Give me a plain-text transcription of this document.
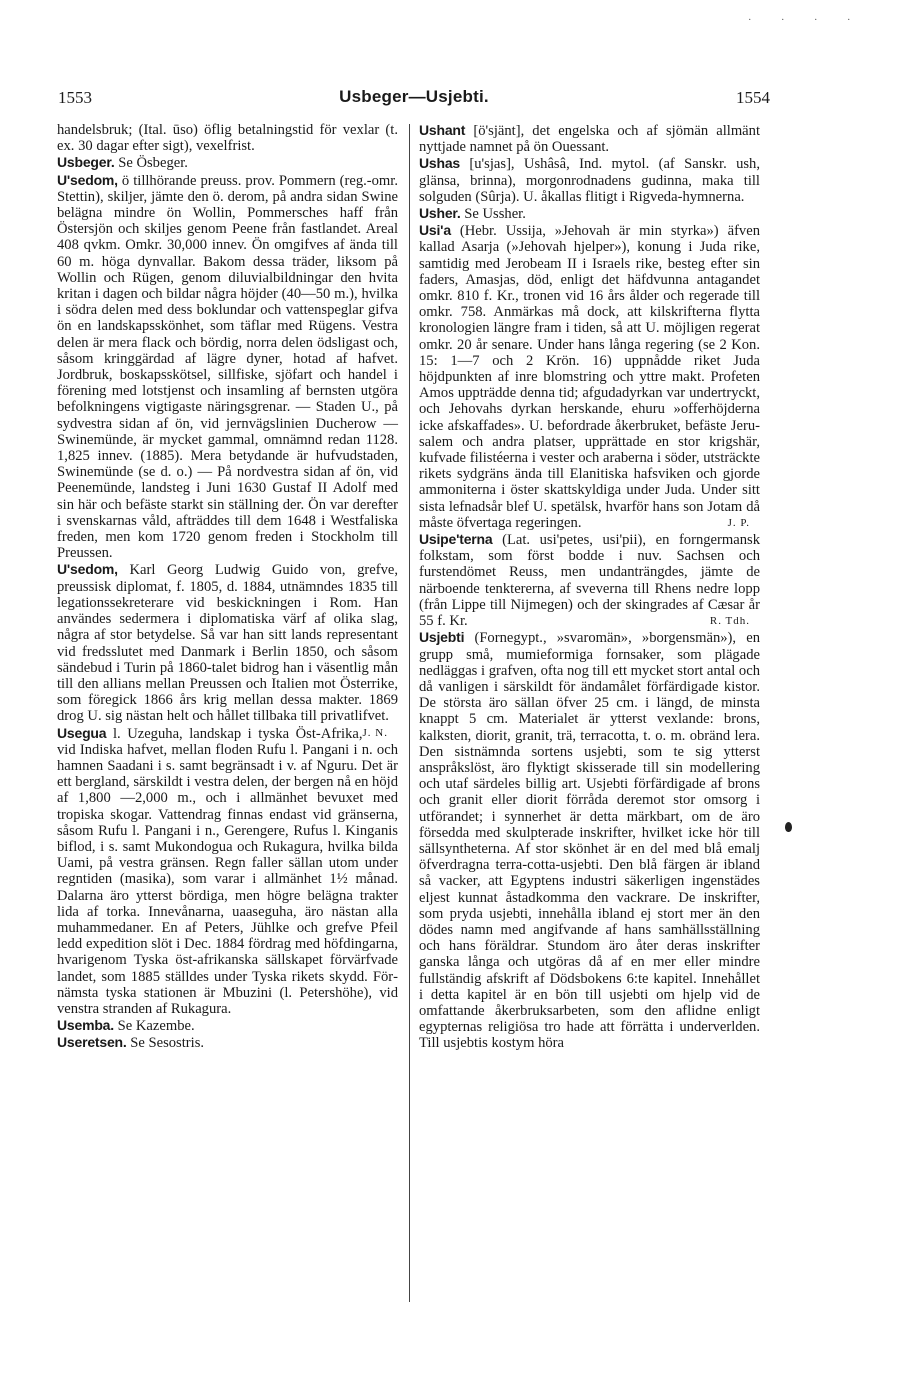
. . . .
1553	Usbeger—Usjebti.	1554

handelsbruk; (Ital. ūso) öflig betalningstid för vexlar (t. ex. 30 dagar efter sigt), vexelfrist.

Usbeger. Se Ösbeger.

U'sedom, ö tillhörande preuss. prov. Pommern (reg.-omr. Stettin), skiljer, jämte den ö. derom, på andra sidan Swine belägna mindre ön Wollin, Pommersches haff från Östersjön och skiljes genom Peene från fastlandet. Areal 408 qvkm. Omkr. 30,000 innev. Ön omgifves af ända till 60 m. höga dynvallar. Bakom dessa träder, liksom på Wollin och Rügen, genom diluvialbildningar den hvita kritan i dagen och bildar några höjder (40—50 m.), hvilka i södra delen med dess boklundar och vattenspeglar gifva ön en landskapsskönhet, som täflar med Rügens. Vestra delen är mera flack och bördig, norra delen ödsligast och, såsom kringgärdad af lägre dyner, hotad af hafvet. Jordbruk, boskapsskötsel, sillfiske, sjöfart och handel i förening med lotstjenst och insamling af bernsten utgöra befolkningens vigtigaste näringsgrenar. — Staden U., på sydvestra sidan af ön, vid jernvägslinien Ducherow —Swinemünde, är mycket gammal, omnämnd redan 1128. 1,825 innev. (1885). Mera betydande är hufvudstaden, Swinemünde (se d. o.) — På nordvestra sidan af ön, vid Peenemünde, landsteg i Juni 1630 Gustaf II Adolf med sin här och befäste starkt sin ställning der. Ön var derefter i svenskarnas våld, afträddes till dem 1648 i Westfaliska freden, men kom 1720 genom freden i Stockholm till Preussen.

U'sedom, Karl Georg Ludwig Guido von, grefve, preussisk diplomat, f. 1805, d. 1884, utnämndes 1835 till legationssekreterare vid beskickningen i Rom. Han användes sedermera i diplomatiska värf af olika slag, några af stor betydelse. Så var han sitt lands representant vid fredsslutet med Danmark i Berlin 1850, och såsom sändebud i Turin på 1860-talet bidrog han i väsentlig mån till den allians mellan Preussen och Italien mot Österrike, som föregick 1866 års krig mellan dessa makter. 1869 drog U. sig nästan helt och hållet tillbaka till privatlifvet.
J. N.

Usegua l. Uzeguha, landskap i tyska Öst-Afrika, vid Indiska hafvet, mellan floden Rufu l. Pangani i n. och hamnen Saadani i s. samt begränsadt i v. af Nguru. Det är ett bergland, särskildt i vestra delen, der bergen nå en höjd af 1,800 —2,000 m., och i allmänhet bevuxet med tropiska skogar. Vattendrag finnas endast vid gränserna, såsom Rufu l. Pangani i n., Gerengere, Rufus l. Kinganis biflod, i s. samt Mukondogua och Rukagura, hvilka bilda Uami, på vestra gränsen. Regn faller sällan utom under regntiden (masika), som varar i allmänhet 1½ månad. Dalarna äro ytterst bördiga, men högre belägna trakter lida af torka. Innevånarna, uaaseguha, äro nästan alla muhammedaner. En af Peters, Jühlke och grefve Pfeil ledd expedition slöt i Dec. 1884 fördrag med höfdingarna, hvarigenom Tyska öst-afrikanska sällskapet förvärfvade landet, som 1885 ställdes under Tyska rikets skydd. Förnämsta tyska stationen är Mbuzini (l. Petershöhe), vid venstra stranden af Rukagura.

Usemba. Se Kazembe.

Useretsen. Se Sesostris.

Ushant [ö'sjänt], det engelska och af sjömän allmänt nyttjade namnet på ön Ouessant.

Ushas [u'sjas], Ushâsâ, Ind. mytol. (af Sanskr. ush, glänsa, brinna), morgonrodnadens gudinna, maka till solguden (Sûrja). U. åkallas flitigt i Rigveda-hymnerna.

Usher. Se Ussher.

Usi'a (Hebr. Ussija, »Jehovah är min styrka») äfven kallad Asarja (»Jehovah hjelper»), konung i Juda rike, samtidig med Jerobeam II i Israels rike, besteg efter sin faders, Amasjas, död, enligt det häfdvunna antagandet omkr. 810 f. Kr., tronen vid 16 års ålder och regerade till omkr. 758. Anmärkas må dock, att kilskrifterna flytta kronologien längre fram i tiden, så att U. möjligen regerat omkr. 20 år senare. Under hans långa regering (se 2 Kon. 15: 1—7 och 2 Krön. 16) uppnådde riket Juda höjdpunkten af inre blomstring och yttre makt. Profeten Amos uppträdde denna tid; afgudadyrkan var undertryckt, och Jehovahs dyrkan herskande, ehuru »offerhöjderna icke afskaffades». U. befordrade åkerbruket, befäste Jerusalem och andra platser, upprättade en stor krigshär, kufvade filistéerna i vester och araberna i söder, utsträckte rikets sydgräns ända till Elanitiska hafsviken och gjorde ammoniterna i öster skattskyldiga under Juda. Under sitt sista lefnadsår blef U. spetälsk, hvarför hans son Jotam då måste öfvertaga regeringen.	J. P.

Usipe'terna (Lat. usi'petes, usi'pii), en forngermansk folkstam, som först bodde i nuv. Sachsen och furstendömet Reuss, men undanträngdes, jämte de närboende tenktererna, af sveverna till Rhens nedre lopp (från Lippe till Nijmegen) och der skingrades af Cæsar år 55 f. Kr.	R. Tdh.

Usjebti (Fornegypt., »svaromän», »borgensmän»), en grupp små, mumieformiga fornsaker, som plägade nedläggas i grafven, ofta nog till ett mycket stort antal och då vanligen i särskildt för ändamålet förfärdigade kistor. De största äro sällan öfver 25 cm. i längd, de minsta knappt 5 cm. Materialet är ytterst vexlande: brons, kalksten, diorit, granit, trä, terracotta, t. o. m. obränd lera. Den sistnämnda sortens usjebti, som te sig ytterst anspråkslöst, äro flyktigt skisserade till sin modellering och utaf särdeles billig art. Usjebti förfärdigade af brons och granit eller diorit förråda deremot stor omsorg i utförandet; i synnerhet är detta märkbart, om de äro försedda med skulpterade inskrifter, hvilket icke hör till sällsyntheterna. Af stor skönhet är en del med blå emalj öfverdragna terra-cotta-usjebti. Den blå färgen är ibland så vacker, att Egyptens industri säkerligen ingenstädes eljest kunnat åstadkomma den vackrare. De inskrifter, som pryda usjebti, innehålla ibland ej stort mer än den dödes namn med angifvande af hans samhällsställning och hans föräldrar. Stundom äro åter deras inskrifter ganska långa och utgöras då af en mer eller mindre fullständig afskrift af Dödsbokens 6:te kapitel. Innehållet i detta kapitel är en bön till usjebti om hjelp vid de omfattande åkerbruksarbeten, som den aflidne enligt egypternas religiösa tro hade att förrätta i underverlden. Till usjebtis kostym höra
